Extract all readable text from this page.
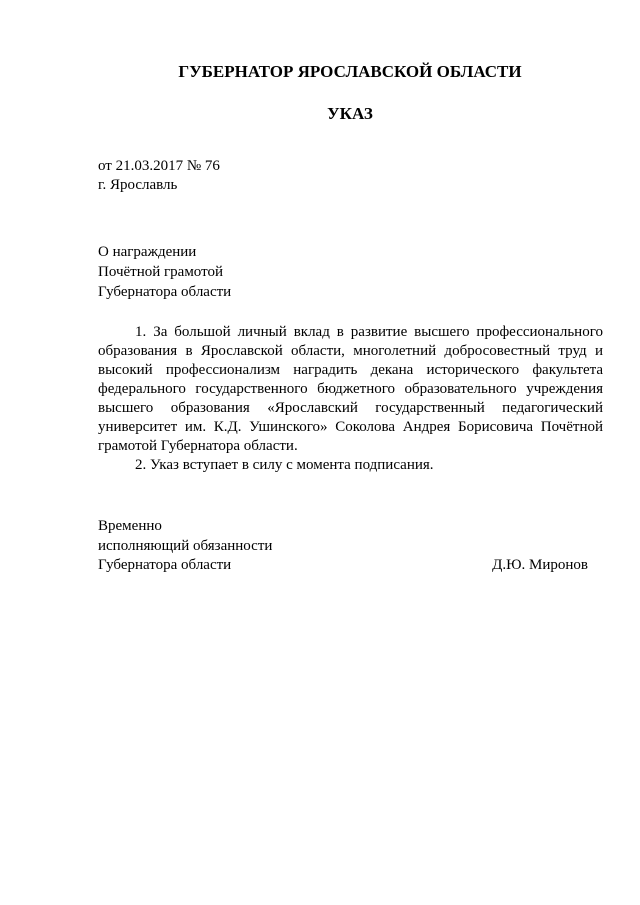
ГУБЕРНАТОР ЯРОСЛАВСКОЙ ОБЛАСТИ
УКАЗ
от 21.03.2017 № 76
г. Ярославль
О награждении
Почётной грамотой
Губернатора области

1. За большой личный вклад в развитие высшего профессионального образования в Ярославской области, многолетний добросовестный труд и высокий профессионализм наградить декана исторического факультета федерального государственного бюджетного образовательного учреждения высшего образования «Ярославский государственный педагогический университет им. К.Д. Ушинского» Соколова Андрея Борисовича Почётной грамотой Губернатора области.

2. Указ вступает в силу с момента подписания.

Временно
исполняющий обязанности
Губернатора области	Д.Ю. Миронов
